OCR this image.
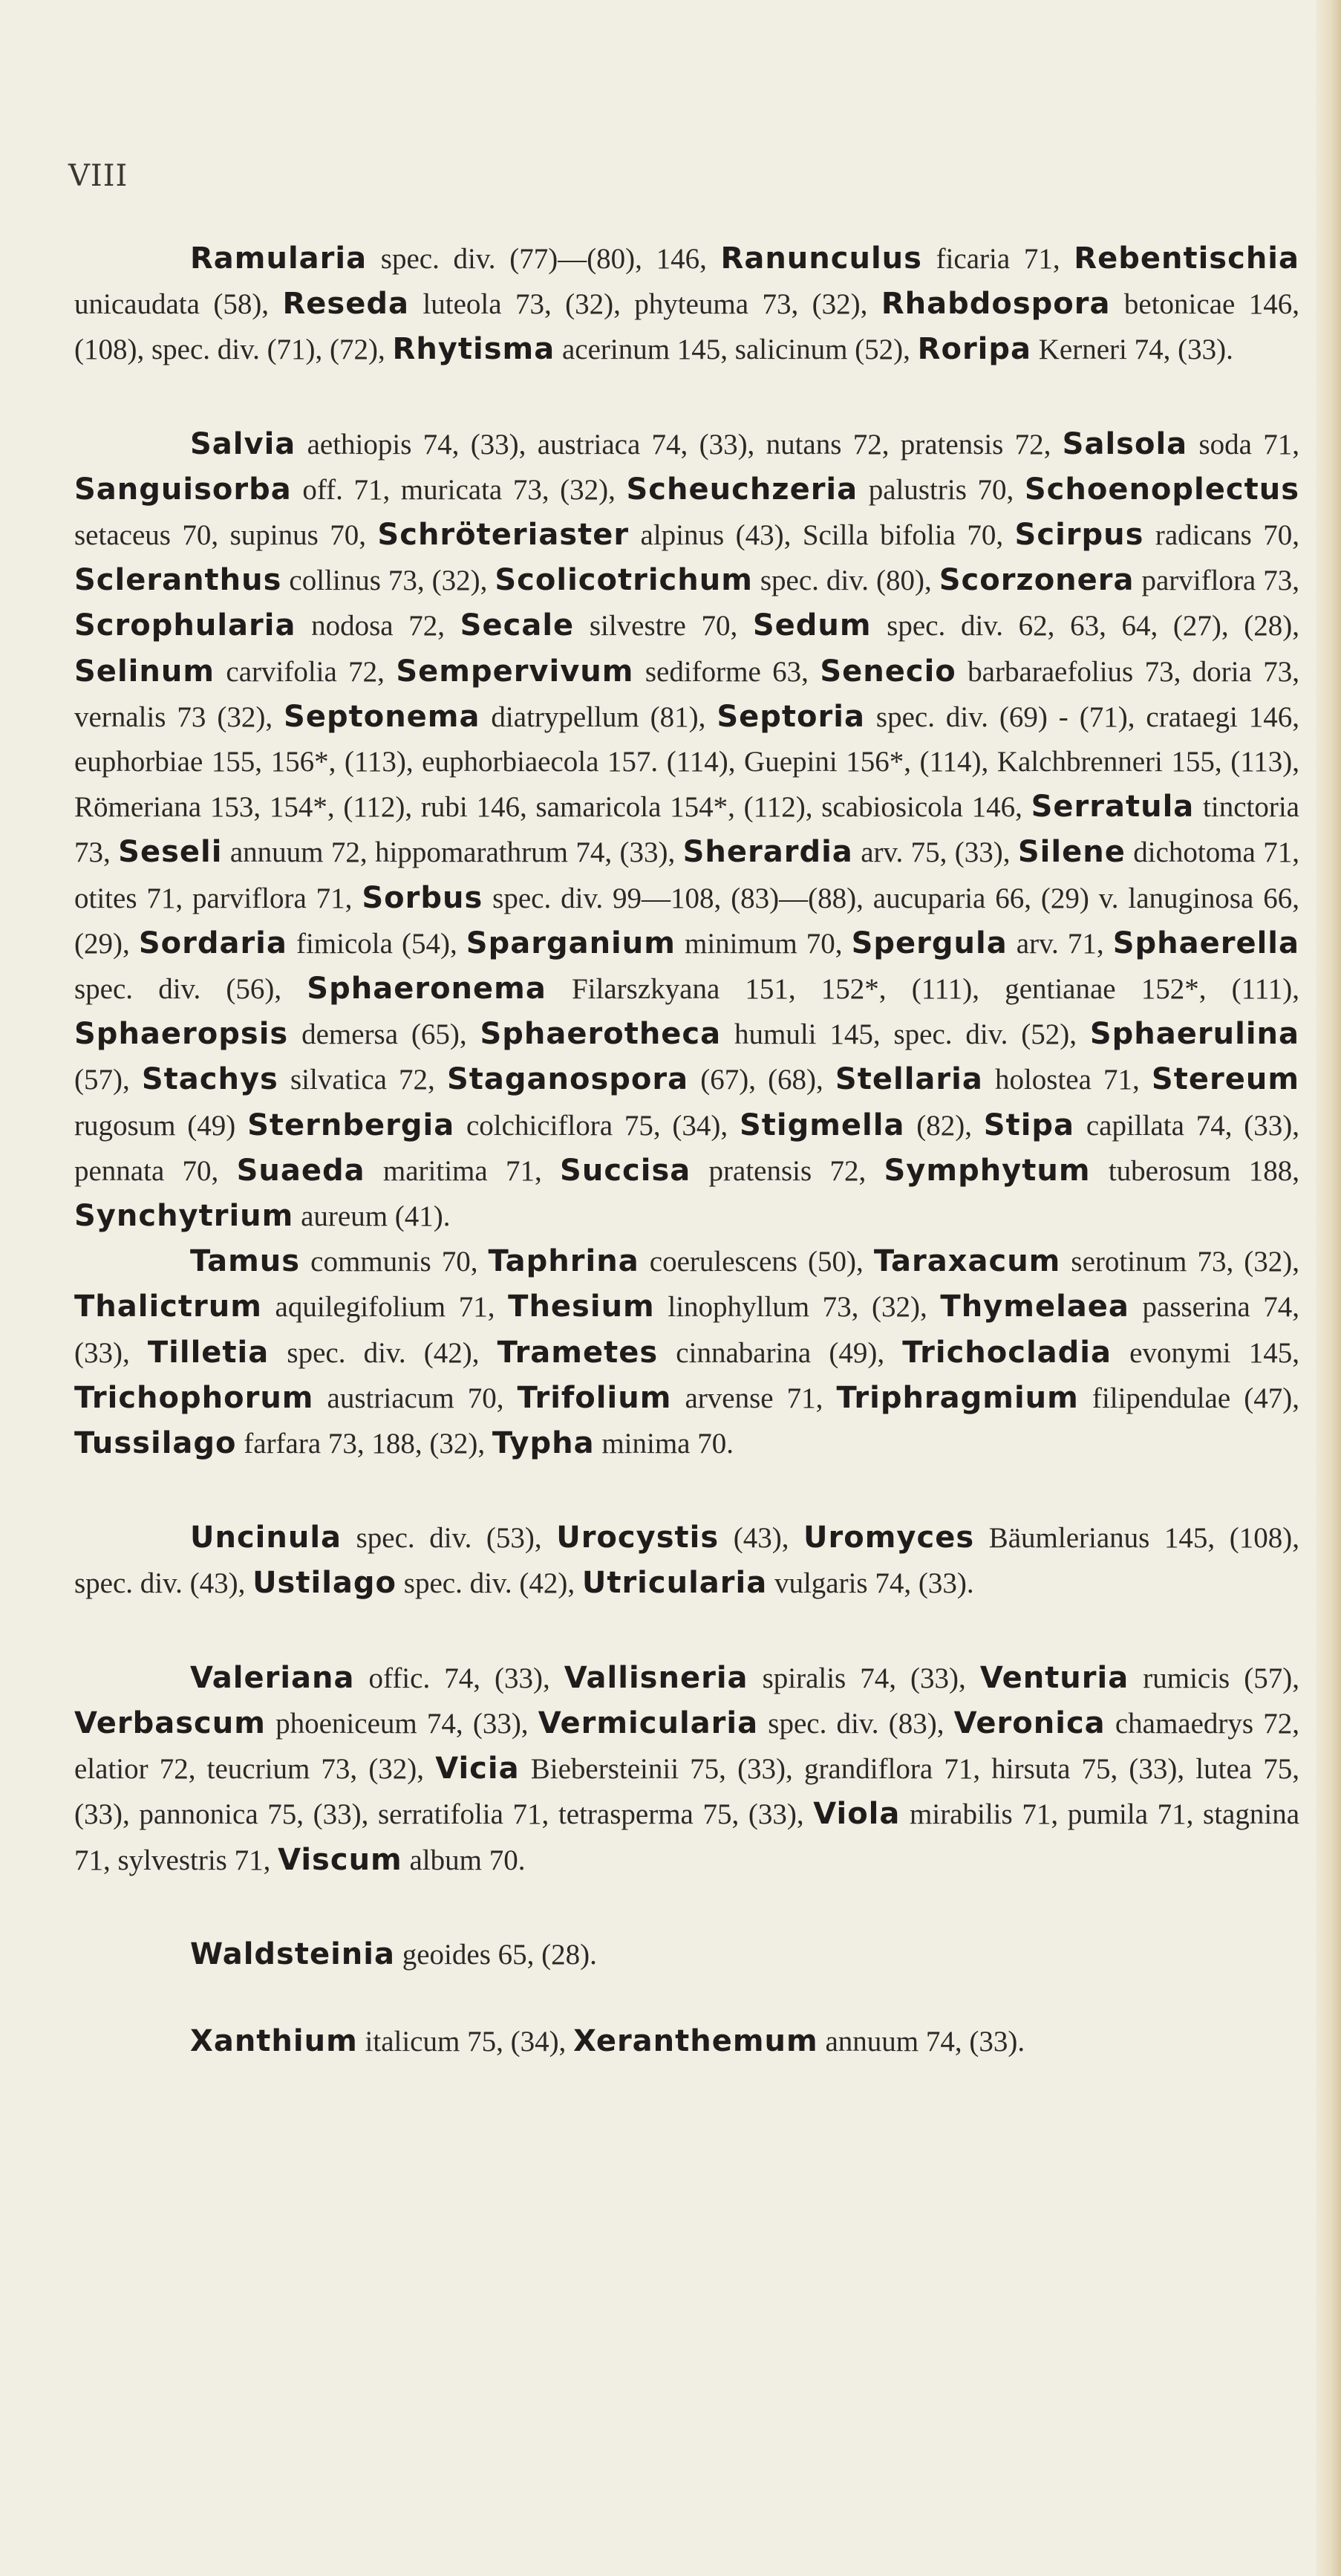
VIII

Ramularia spec. div. (77)—(80), 146, Ranunculus ficaria 71, Rebentischia unicaudata (58), Reseda luteola 73, (32), phyteuma 73, (32), Rhabdospora betonicae 146, (108), spec. div. (71), (72), Rhytisma acerinum 145, salicinum (52), Roripa Kerneri 74, (33).

Salvia aethiopis 74, (33), austriaca 74, (33), nutans 72, pratensis 72, Salsola soda 71, Sanguisorba off. 71, muricata 73, (32), Scheuchzeria palustris 70, Schoenoplectus setaceus 70, supinus 70, Schröteriaster alpinus (43), Scilla bifolia 70, Scirpus radicans 70, Scleranthus collinus 73, (32), Scolicotrichum spec. div. (80), Scorzonera parviflora 73, Scrophularia nodosa 72, Secale silvestre 70, Sedum spec. div. 62, 63, 64, (27), (28), Selinum carvifolia 72, Sempervivum sediforme 63, Senecio barbaraefolius 73, doria 73, vernalis 73 (32), Septonema diatrypellum (81), Septoria spec. div. (69) - (71), crataegi 146, euphorbiae 155, 156*, (113), euphorbiaecola 157. (114), Guepini 156*, (114), Kalchbrenneri 155, (113), Römeriana 153, 154*, (112), rubi 146, samaricola 154*, (112), scabiosicola 146, Serratula tinctoria 73, Seseli annuum 72, hippomarathrum 74, (33), Sherardia arv. 75, (33), Silene dichotoma 71, otites 71, parviflora 71, Sorbus spec. div. 99—108, (83)—(88), aucuparia 66, (29) v. lanuginosa 66, (29), Sordaria fimicola (54), Sparganium minimum 70, Spergula arv. 71, Sphaerella spec. div. (56), Sphaeronema Filarszkyana 151, 152*, (111), gentianae 152*, (111), Sphaeropsis demersa (65), Sphaerotheca humuli 145, spec. div. (52), Sphaerulina (57), Stachys silvatica 72, Staganospora (67), (68), Stellaria holostea 71, Stereum rugosum (49) Sternbergia colchiciflora 75, (34), Stigmella (82), Stipa capillata 74, (33), pennata 70, Suaeda maritima 71, Succisa pratensis 72, Symphytum tuberosum 188, Synchytrium aureum (41).

Tamus communis 70, Taphrina coerulescens (50), Taraxacum serotinum 73, (32), Thalictrum aquilegifolium 71, Thesium linophyllum 73, (32), Thymelaea passerina 74, (33), Tilletia spec. div. (42), Trametes cinnabarina (49), Trichocladia evonymi 145, Trichophorum austriacum 70, Trifolium arvense 71, Triphragmium filipendulae (47), Tussilago farfara 73, 188, (32), Typha minima 70.

Uncinula spec. div. (53), Urocystis (43), Uromyces Bäumlerianus 145, (108), spec. div. (43), Ustilago spec. div. (42), Utricularia vulgaris 74, (33).

Valeriana offic. 74, (33), Vallisneria spiralis 74, (33), Venturia rumicis (57), Verbascum phoeniceum 74, (33), Vermicularia spec. div. (83), Veronica chamaedrys 72, elatior 72, teucrium 73, (32), Vicia Biebersteinii 75, (33), grandiflora 71, hirsuta 75, (33), lutea 75, (33), pannonica 75, (33), serratifolia 71, tetrasperma 75, (33), Viola mirabilis 71, pumila 71, stagnina 71, sylvestris 71, Viscum album 70.

Waldsteinia geoides 65, (28).

Xanthium italicum 75, (34), Xeranthemum annuum 74, (33).
